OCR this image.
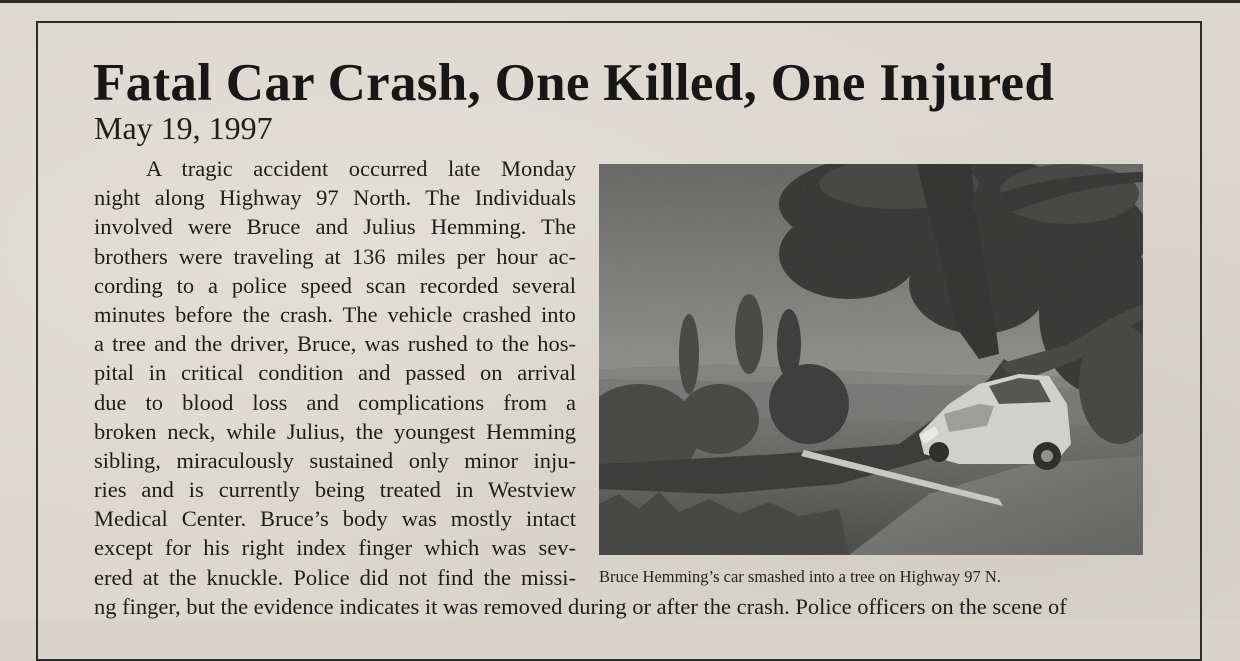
Fatal Car Crash, One Killed, One Injured
May 19, 1997
A tragic accident occurred late Monday
night along Highway 97 North. The Individuals
involved were Bruce and Julius Hemming. The
brothers were traveling at 136 miles per hour ac-
cording to a police speed scan recorded several
minutes before the crash. The vehicle crashed into
a tree and the driver, Bruce, was rushed to the hos-
pital in critical condition and passed on arrival
due to blood loss and complications from a
broken neck, while Julius, the youngest Hemming
sibling, miraculously sustained only minor inju-
ries and is currently being treated in Westview
Medical Center. Bruce’s body was mostly intact
except for his right index finger which was sev-
ered at the knuckle. Police did not find the missi-
ng finger, but the evidence indicates it was removed during or after the crash. Police officers on the scene of
Bruce Hemming’s car smashed into a tree on Highway 97 N.
